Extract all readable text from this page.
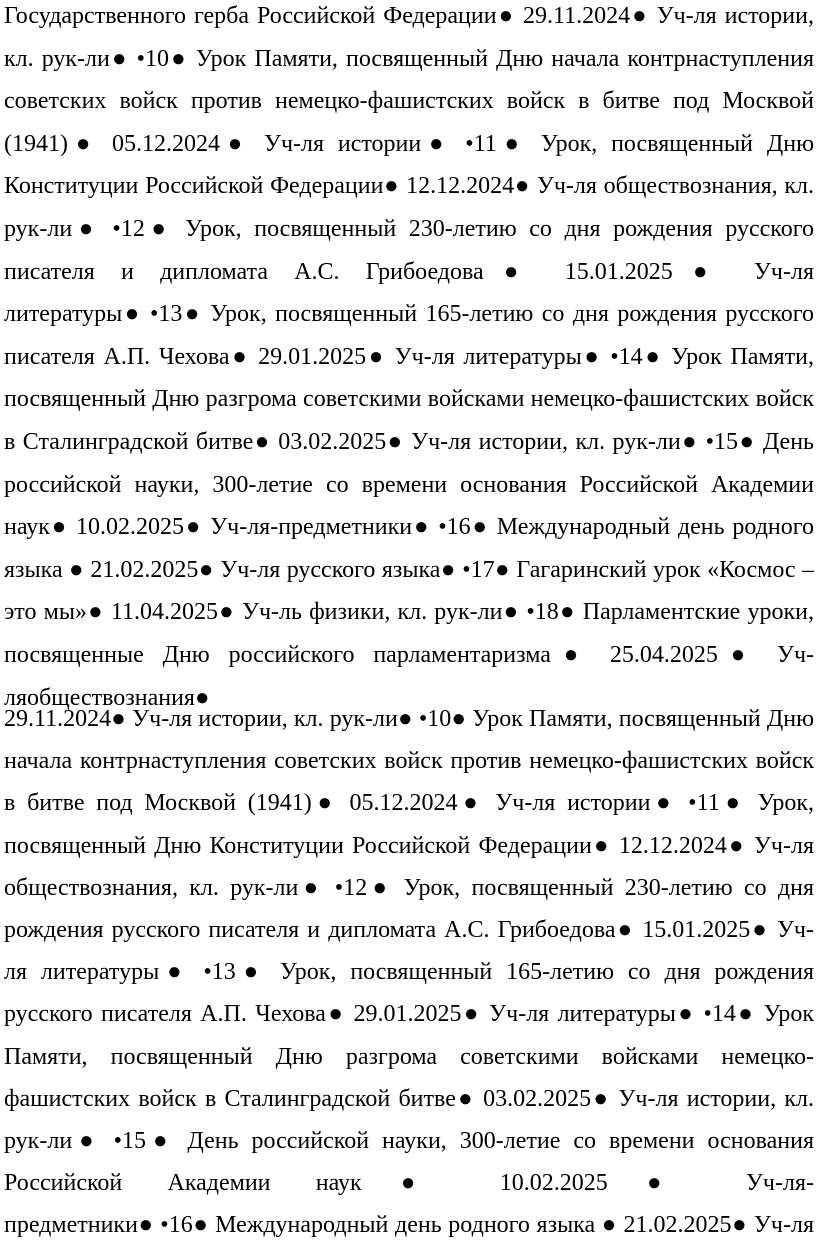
Государственного герба Российской Федерации● 29.11.2024● Уч-ля истории,
кл. рук-ли● •10● Урок Памяти, посвященный Дню начала контрнаступления
советских войск против немецко-фашистских войск в битве под Москвой
(1941)● 05.12.2024● Уч-ля истории● •11● Урок, посвященный Дню
Конституции Российской Федерации● 12.12.2024● Уч-ля обществознания, кл.
рук-ли● •12● Урок, посвященный 230-летию со дня рождения русского
писателя и дипломата А.С. Грибоедова● 15.01.2025● Уч-ля
литературы● •13● Урок, посвященный 165-летию со дня рождения русского
писателя А.П. Чехова● 29.01.2025● Уч-ля литературы● •14● Урок Памяти,
посвященный Дню разгрома советскими войсками немецко-фашистских войск
в Сталинградской битве● 03.02.2025● Уч-ля истории, кл. рук-ли● •15● День
российской науки, 300-летие со времени основания Российской Академии
наук● 10.02.2025● Уч-ля-предметники● •16● Международный день родного
языка ● 21.02.2025● Уч-ля русского языка● •17● Гагаринский урок «Космос –
это мы»● 11.04.2025● Уч-ль физики, кл. рук-ли● •18● Парламентские уроки,
посвященные Дню российского парламентаризма● 25.04.2025● Уч-
ляобществознания●
29.11.2024● Уч-ля истории, кл. рук-ли● •10● Урок Памяти, посвященный Дню
начала контрнаступления советских войск против немецко-фашистских войск
в битве под Москвой (1941)● 05.12.2024● Уч-ля истории● •11● Урок,
посвященный Дню Конституции Российской Федерации● 12.12.2024● Уч-ля
обществознания, кл. рук-ли● •12● Урок, посвященный 230-летию со дня
рождения русского писателя и дипломата А.С. Грибоедова● 15.01.2025● Уч-
ля литературы● •13● Урок, посвященный 165-летию со дня рождения
русского писателя А.П. Чехова● 29.01.2025● Уч-ля литературы● •14● Урок
Памяти, посвященный Дню разгрома советскими войсками немецко-
фашистских войск в Сталинградской битве● 03.02.2025● Уч-ля истории, кл.
рук-ли● •15● День российской науки, 300-летие со времени основания
Российской Академии наук● 10.02.2025● Уч-ля-
предметники● •16● Международный день родного языка ● 21.02.2025● Уч-ля
